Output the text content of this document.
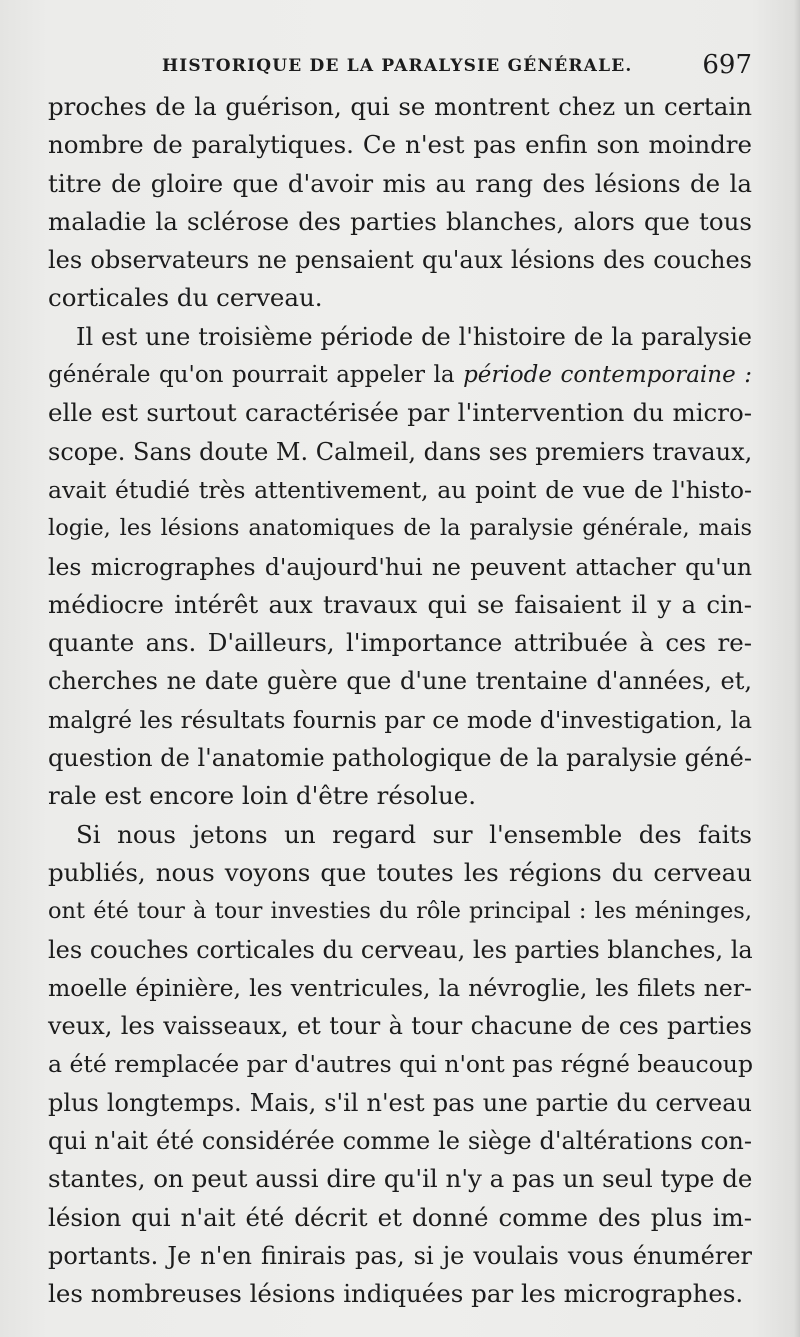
HISTORIQUE DE LA PARALYSIE GÉNÉRALE.	697
proches de la guérison, qui se montrent chez un certain
nombre de paralytiques. Ce n'est pas enfin son moindre
titre de gloire que d'avoir mis au rang des lésions de la
maladie la sclérose des parties blanches, alors que tous
les observateurs ne pensaient qu'aux lésions des couches
corticales du cerveau.
Il est une troisième période de l'histoire de la paralysie
générale qu'on pourrait appeler la période contemporaine :
elle est surtout caractérisée par l'intervention du micro-
scope. Sans doute M. Calmeil, dans ses premiers travaux,
avait étudié très attentivement, au point de vue de l'histo-
logie, les lésions anatomiques de la paralysie générale, mais
les micrographes d'aujourd'hui ne peuvent attacher qu'un
médiocre intérêt aux travaux qui se faisaient il y a cin-
quante ans. D'ailleurs, l'importance attribuée à ces re-
cherches ne date guère que d'une trentaine d'années, et,
malgré les résultats fournis par ce mode d'investigation, la
question de l'anatomie pathologique de la paralysie géné-
rale est encore loin d'être résolue.
Si nous jetons un regard sur l'ensemble des faits
publiés, nous voyons que toutes les régions du cerveau
ont été tour à tour investies du rôle principal : les méninges,
les couches corticales du cerveau, les parties blanches, la
moelle épinière, les ventricules, la névroglie, les filets ner-
veux, les vaisseaux, et tour à tour chacune de ces parties
a été remplacée par d'autres qui n'ont pas régné beaucoup
plus longtemps. Mais, s'il n'est pas une partie du cerveau
qui n'ait été considérée comme le siège d'altérations con-
stantes, on peut aussi dire qu'il n'y a pas un seul type de
lésion qui n'ait été décrit et donné comme des plus im-
portants. Je n'en finirais pas, si je voulais vous énumérer
les nombreuses lésions indiquées par les micrographes.
